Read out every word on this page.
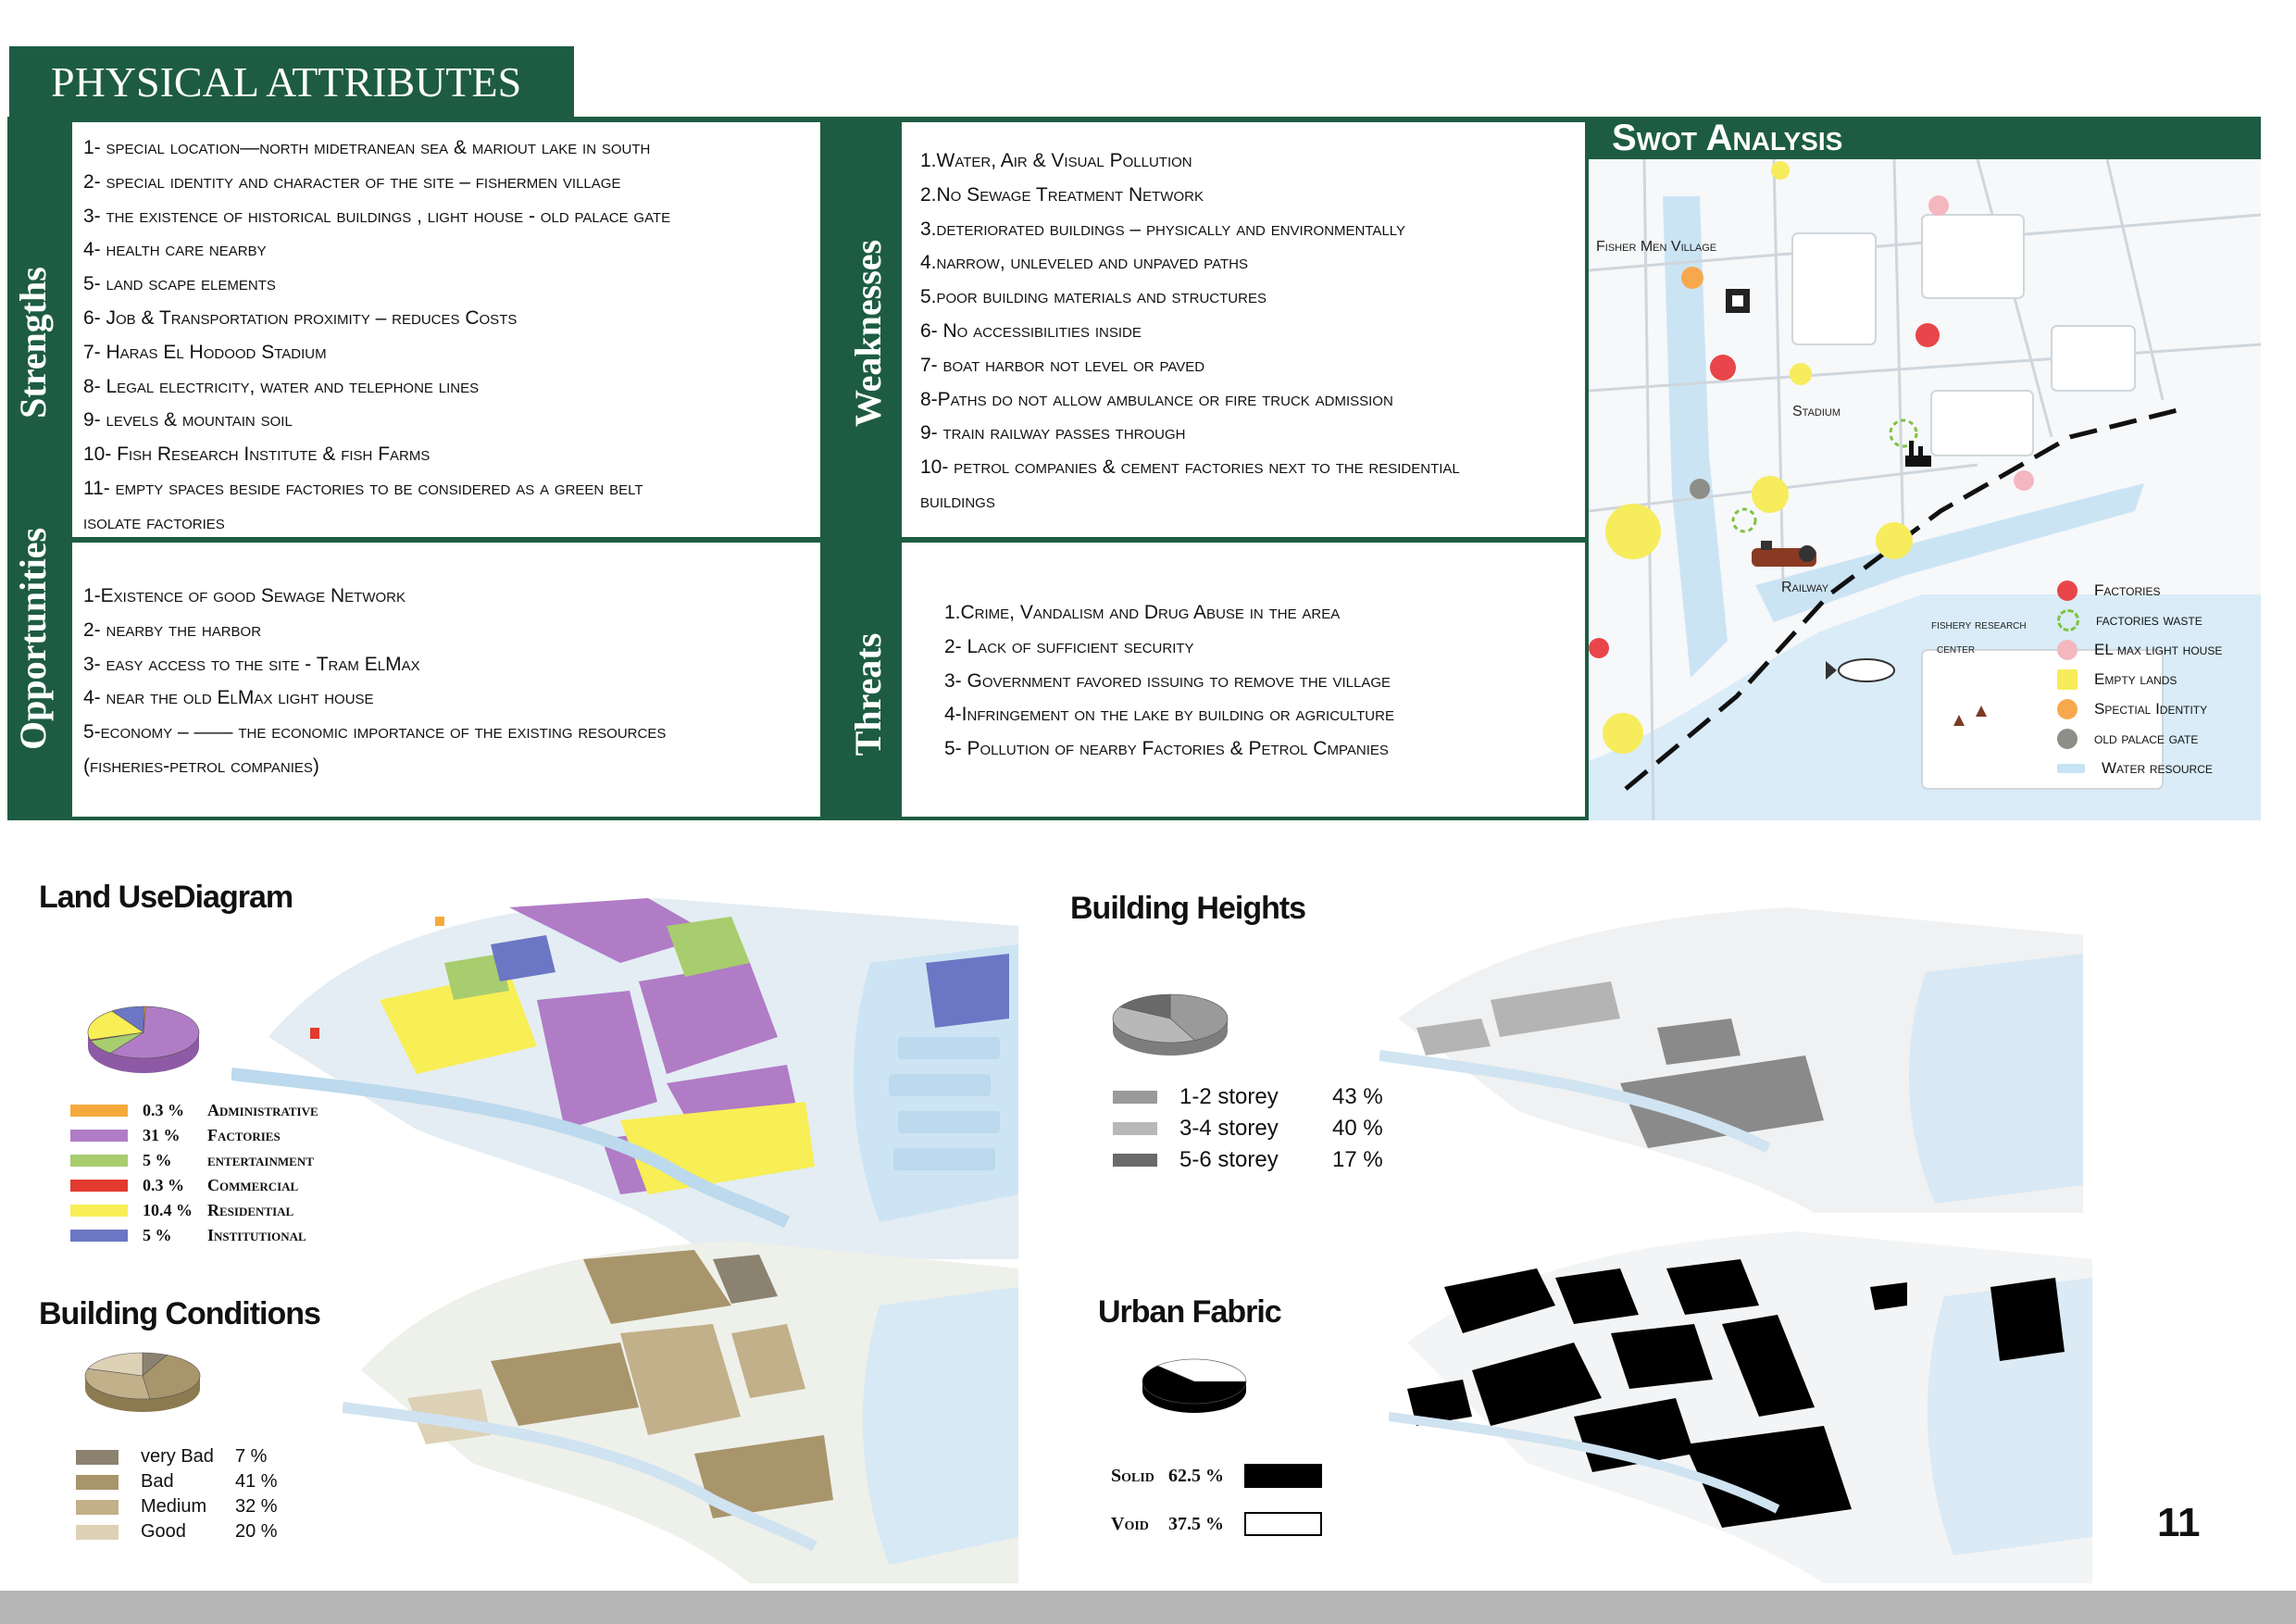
PHYSICAL ATTRIBUTES
Strengths
1- special location—north midetranean sea & mariout lake in south
2- special identity and character of the site – fishermen village
3- the existence of historical buildings , light house - old palace gate
4- health care nearby
5- land scape elements
6- Job & Transportation proximity – reduces Costs
7- Haras El Hodood Stadium
8- Legal electricity, water and telephone lines
9- levels & mountain soil
10- Fish Research Institute & fish Farms
11- empty spaces beside factories to be considered as a green belt
isolate factories
Opportunities	1-Existence of good Sewage Network
2- nearby the harbor
3- easy access to the site - Tram ElMax
4- near the old ElMax light house
5-economy – —— the economic importance of the existing resources
(fisheries-petrol companies)
Weaknesses
1.Water, Air & Visual Pollution
2.No Sewage Treatment Network
3.deteriorated buildings – physically and environmentally
4.narrow, unleveled and unpaved paths
5.poor building materials and structures
6- No accessibilities inside
7- boat harbor not level or paved
8-Paths do not allow ambulance or fire truck admission
9- train railway passes through
10- petrol companies & cement factories next to the residential
buildings
Threats
1.Crime, Vandalism and Drug Abuse in the area
2- Lack of sufficient security
3- Government favored issuing to remove the village
4-Infringement on the lake by building or agriculture
5- Pollution of nearby Factories & Petrol Cmpanies
Swot Analysis
Fisher Men Village
Stadium
Railway
fishery research
center
Factories
factories waste
EL max light house
Empty lands
Spectial Identity
old palace gate
Water resource
Land UseDiagram
0.3 %	Administrative
31 %	Factories
5 %	entertainment
0.3 %	Commercial
10.4 % Residential
5 %	Institutional
Building Conditions
very Bad	7 %
Bad	41 %
Medium	32 %
Good	20 %
Building Heights
1-2 storey	43 %
3-4 storey	40 %
5-6 storey	17 %
Urban Fabric
Solid 62.5 %
Void	37.5 %	11
